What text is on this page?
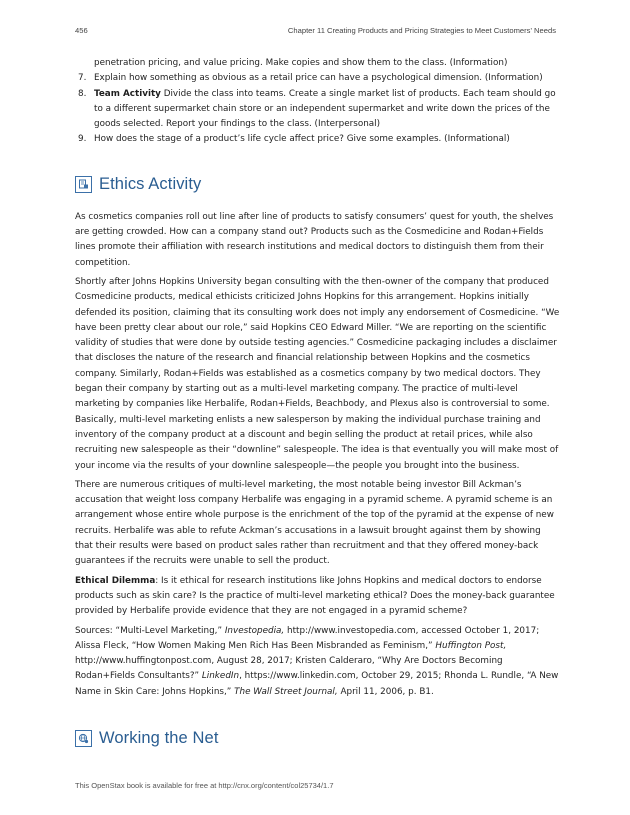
456	Chapter 11 Creating Products and Pricing Strategies to Meet Customers' Needs
penetration pricing, and value pricing. Make copies and show them to the class. (Information)
7. Explain how something as obvious as a retail price can have a psychological dimension. (Information)
8. Team Activity Divide the class into teams. Create a single market list of products. Each team should go to a different supermarket chain store or an independent supermarket and write down the prices of the goods selected. Report your findings to the class. (Interpersonal)
9. How does the stage of a product’s life cycle affect price? Give some examples. (Informational)
Ethics Activity

As cosmetics companies roll out line after line of products to satisfy consumers’ quest for youth, the shelves are getting crowded. How can a company stand out? Products such as the Cosmedicine and Rodan+Fields lines promote their affiliation with research institutions and medical doctors to distinguish them from their competition.

Shortly after Johns Hopkins University began consulting with the then-owner of the company that produced Cosmedicine products, medical ethicists criticized Johns Hopkins for this arrangement. Hopkins initially defended its position, claiming that its consulting work does not imply any endorsement of Cosmedicine. “We have been pretty clear about our role,” said Hopkins CEO Edward Miller. “We are reporting on the scientific validity of studies that were done by outside testing agencies.” Cosmedicine packaging includes a disclaimer that discloses the nature of the research and financial relationship between Hopkins and the cosmetics company. Similarly, Rodan+Fields was established as a cosmetics company by two medical doctors. They began their company by starting out as a multi-level marketing company. The practice of multi-level marketing by companies like Herbalife, Rodan+Fields, Beachbody, and Plexus also is controversial to some. Basically, multi-level marketing enlists a new salesperson by making the individual purchase training and inventory of the company product at a discount and begin selling the product at retail prices, while also recruiting new salespeople as their “downline” salespeople. The idea is that eventually you will make most of your income via the results of your downline salespeople—the people you brought into the business.

There are numerous critiques of multi-level marketing, the most notable being investor Bill Ackman’s accusation that weight loss company Herbalife was engaging in a pyramid scheme. A pyramid scheme is an arrangement whose entire whole purpose is the enrichment of the top of the pyramid at the expense of new recruits. Herbalife was able to refute Ackman’s accusations in a lawsuit brought against them by showing that their results were based on product sales rather than recruitment and that they offered money-back guarantees if the recruits were unable to sell the product.

Ethical Dilemma: Is it ethical for research institutions like Johns Hopkins and medical doctors to endorse products such as skin care? Is the practice of multi-level marketing ethical? Does the money-back guarantee provided by Herbalife provide evidence that they are not engaged in a pyramid scheme?

Sources: “Multi-Level Marketing,” Investopedia, http://www.investopedia.com, accessed October 1, 2017; Alissa Fleck, “How Women Making Men Rich Has Been Misbranded as Feminism,” Huffington Post, http://www.huffingtonpost.com, August 28, 2017; Kristen Calderaro, “Why Are Doctors Becoming Rodan+Fields Consultants?” LinkedIn, https://www.linkedin.com, October 29, 2015; Rhonda L. Rundle, “A New Name in Skin Care: Johns Hopkins,” The Wall Street Journal, April 11, 2006, p. B1.

Working the Net
This OpenStax book is available for free at http://cnx.org/content/col25734/1.7
